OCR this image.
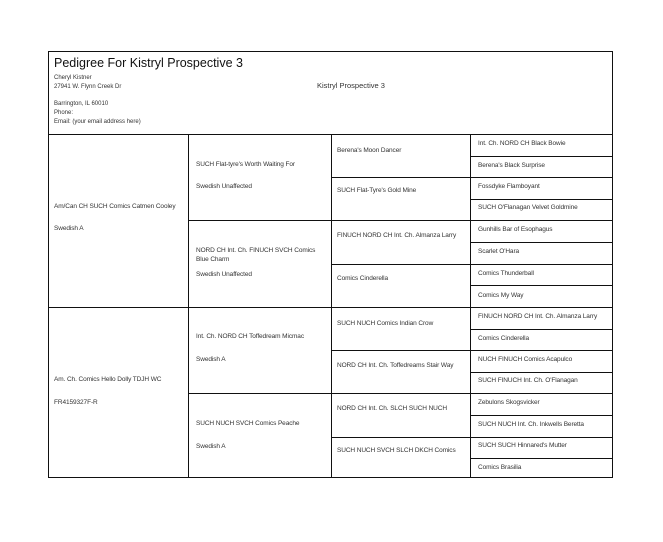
Pedigree For Kistryl Prospective 3
Cheryl Kistner
27941 W. Flynn Creek Dr
Barrington, IL 60010
Phone:
Email: (your email address here)
Kistryl Prospective 3
Am/Can CH SUCH Comics Catmen Cooley
Swedish A
Am. Ch. Comics Hello Dolly TDJH WC
FR4159327F-R
SUCH Flat-tyre's Worth Waiting For
Swedish Unaffected
NORD CH Int. Ch. FINUCH SVCH Comics Blue Charm
Swedish Unaffected
Int. Ch. NORD CH Toffedream Micmac
Swedish A
SUCH NUCH SVCH Comics Peache
Swedish A
Berena's Moon Dancer
SUCH Flat-Tyre's Gold Mine
FINUCH NORD CH Int. Ch. Almanza Larry
Comics Cinderella
SUCH NUCH Comics Indian Crow
NORD CH Int. Ch. Toffedreams Stair Way
NORD CH Int. Ch. SLCH SUCH NUCH
SUCH NUCH SVCH SLCH DKCH Comics
Int. Ch. NORD CH Black Bowie
Berena's Black Surprise
Fossdyke Flamboyant
SUCH O'Flanagan Velvet Goldmine
Gunhills Bar of Esophagus
Scarlet O'Hara
Comics Thunderball
Comics My Way
FINUCH NORD CH Int. Ch. Almanza Larry
Comics Cinderella
NUCH FINUCH Comics Acapulco
SUCH FINUCH Int. Ch. O'Flanagan
Zebulons Skogsvicker
SUCH NUCH Int. Ch. Inkwells Beretta
SUCH SUCH Hinnared's Mutter
Comics Brasilia
